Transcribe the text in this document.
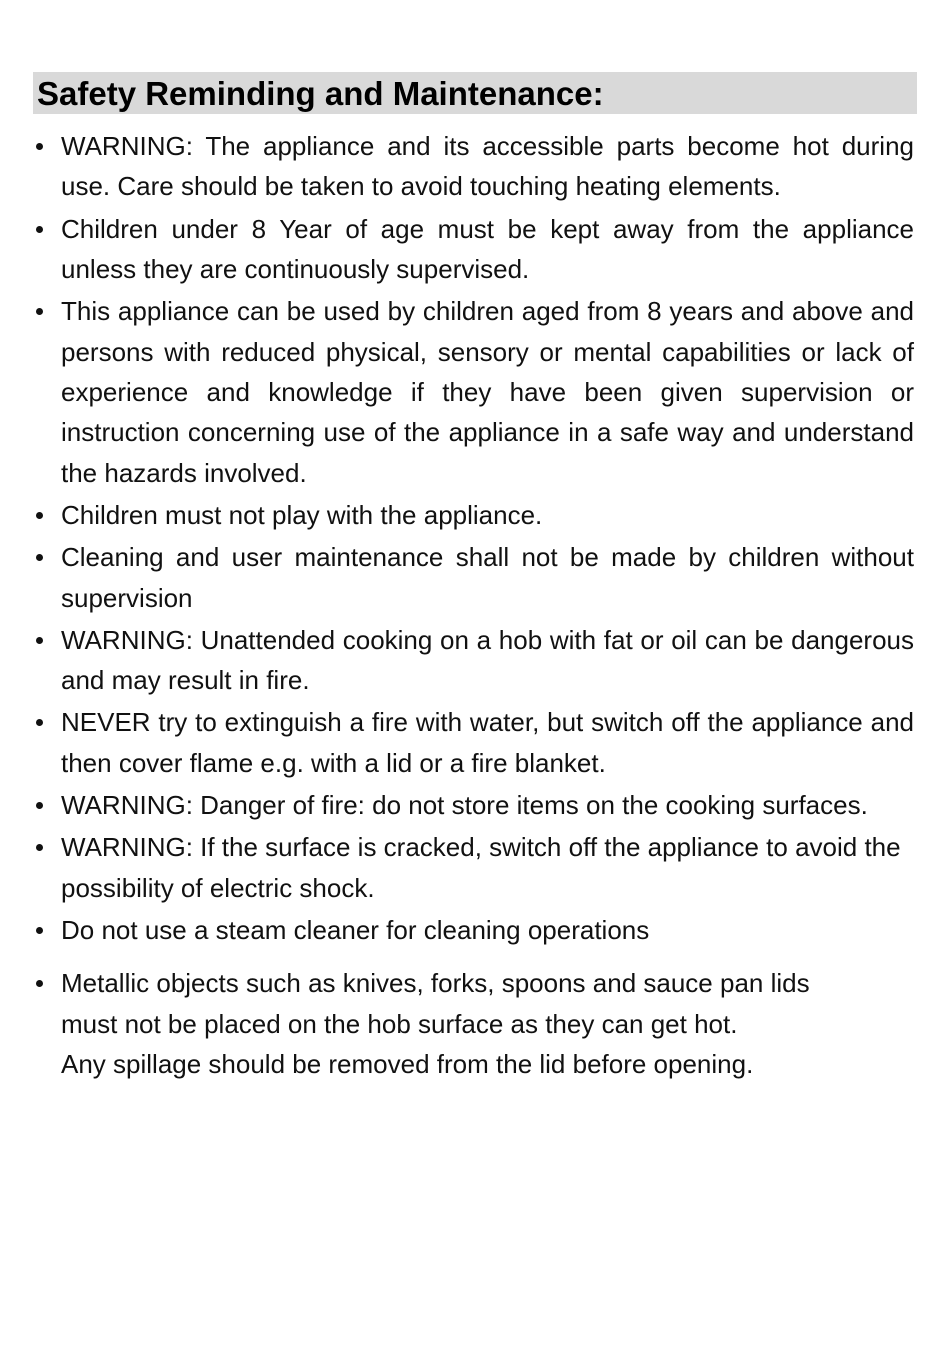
Safety Reminding and Maintenance:
WARNING: The appliance and its accessible parts become hot during use. Care should be taken to avoid touching heating elements.
Children under 8 Year of age must be kept away from the appliance unless they are continuously supervised.
This appliance can be used by children aged from 8 years and above and persons with reduced physical, sensory or mental capabilities or lack of experience and knowledge if they have been given supervision or instruction concerning use of the appliance in a safe way and understand the hazards involved.
Children must not play with the appliance.
Cleaning and user maintenance shall not be made by children without supervision
WARNING: Unattended cooking on a hob with fat or oil can be dangerous and may result in fire.
NEVER try to extinguish a fire with water, but switch off the appliance and then cover flame e.g. with a lid or a fire blanket.
WARNING: Danger of fire: do not store items on the cooking surfaces.
WARNING: If the surface is cracked, switch off the appliance to avoid the possibility of electric shock.
Do not use a steam cleaner for cleaning operations
Metallic objects such as knives, forks, spoons and sauce pan lids
must not be placed on the hob surface as they can get hot.
Any spillage should be removed from the lid before opening.
